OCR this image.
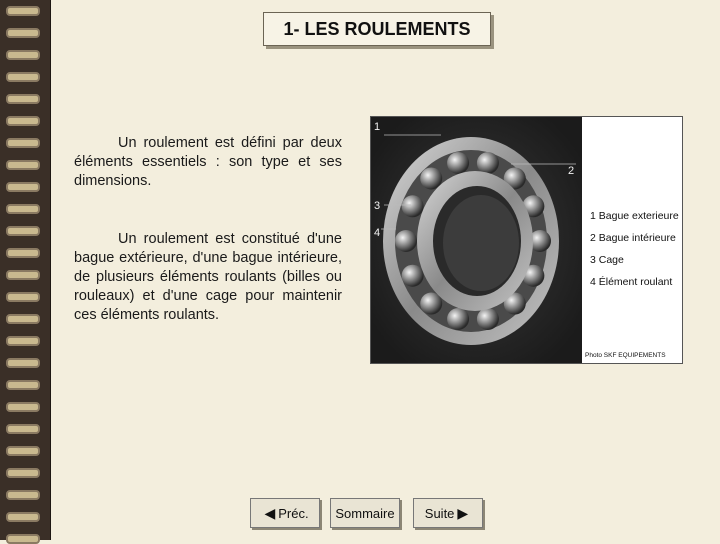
1- LES ROULEMENTS
Un roulement est défini par deux éléments essentiels : son type et ses dimensions.
Un roulement est constitué d'une bague extérieure, d'une bague intérieure, de plusieurs éléments roulants (billes ou rouleaux) et d'une cage pour maintenir ces éléments roulants.
1
2
3
4
1 Bague exterieure
2 Bague intérieure
3 Cage
4 Élément roulant
Photo SKF EQUIPEMENTS
◀ Préc. Sommaire Suite ▶
